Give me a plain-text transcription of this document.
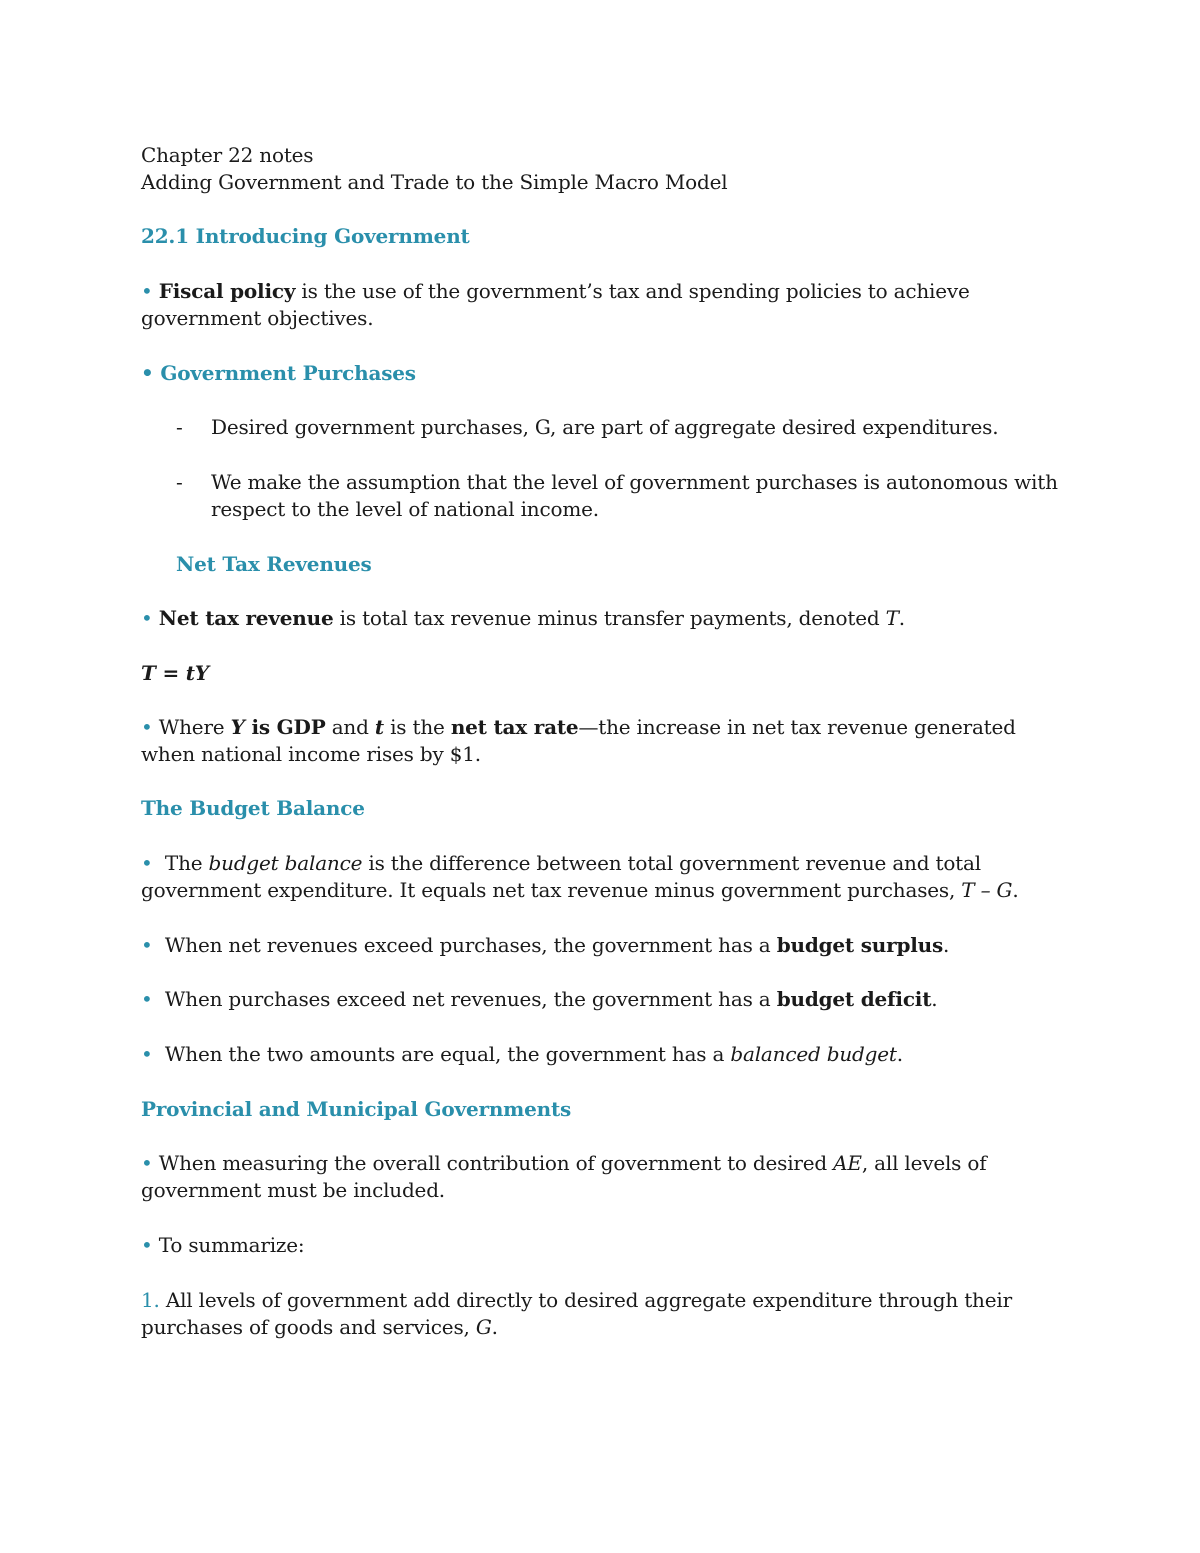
Chapter 22 notes
Adding Government and Trade to the Simple Macro Model
22.1 Introducing Government
• Fiscal policy is the use of the government’s tax and spending policies to achieve government objectives.
• Government Purchases
- Desired government purchases, G, are part of aggregate desired expenditures.
- We make the assumption that the level of government purchases is autonomous with respect to the level of national income.
Net Tax Revenues
• Net tax revenue is total tax revenue minus transfer payments, denoted T.
T = tY
• Where Y is GDP and t is the net tax rate—the increase in net tax revenue generated when national income rises by $1.
The Budget Balance
•  The budget balance is the difference between total government revenue and total government expenditure. It equals net tax revenue minus government purchases, T – G.
•  When net revenues exceed purchases, the government has a budget surplus.
•  When purchases exceed net revenues, the government has a budget deficit.
•  When the two amounts are equal, the government has a balanced budget.
Provincial and Municipal Governments
• When measuring the overall contribution of government to desired AE, all levels of government must be included.
• To summarize:
1. All levels of government add directly to desired aggregate expenditure through their purchases of goods and services, G.
